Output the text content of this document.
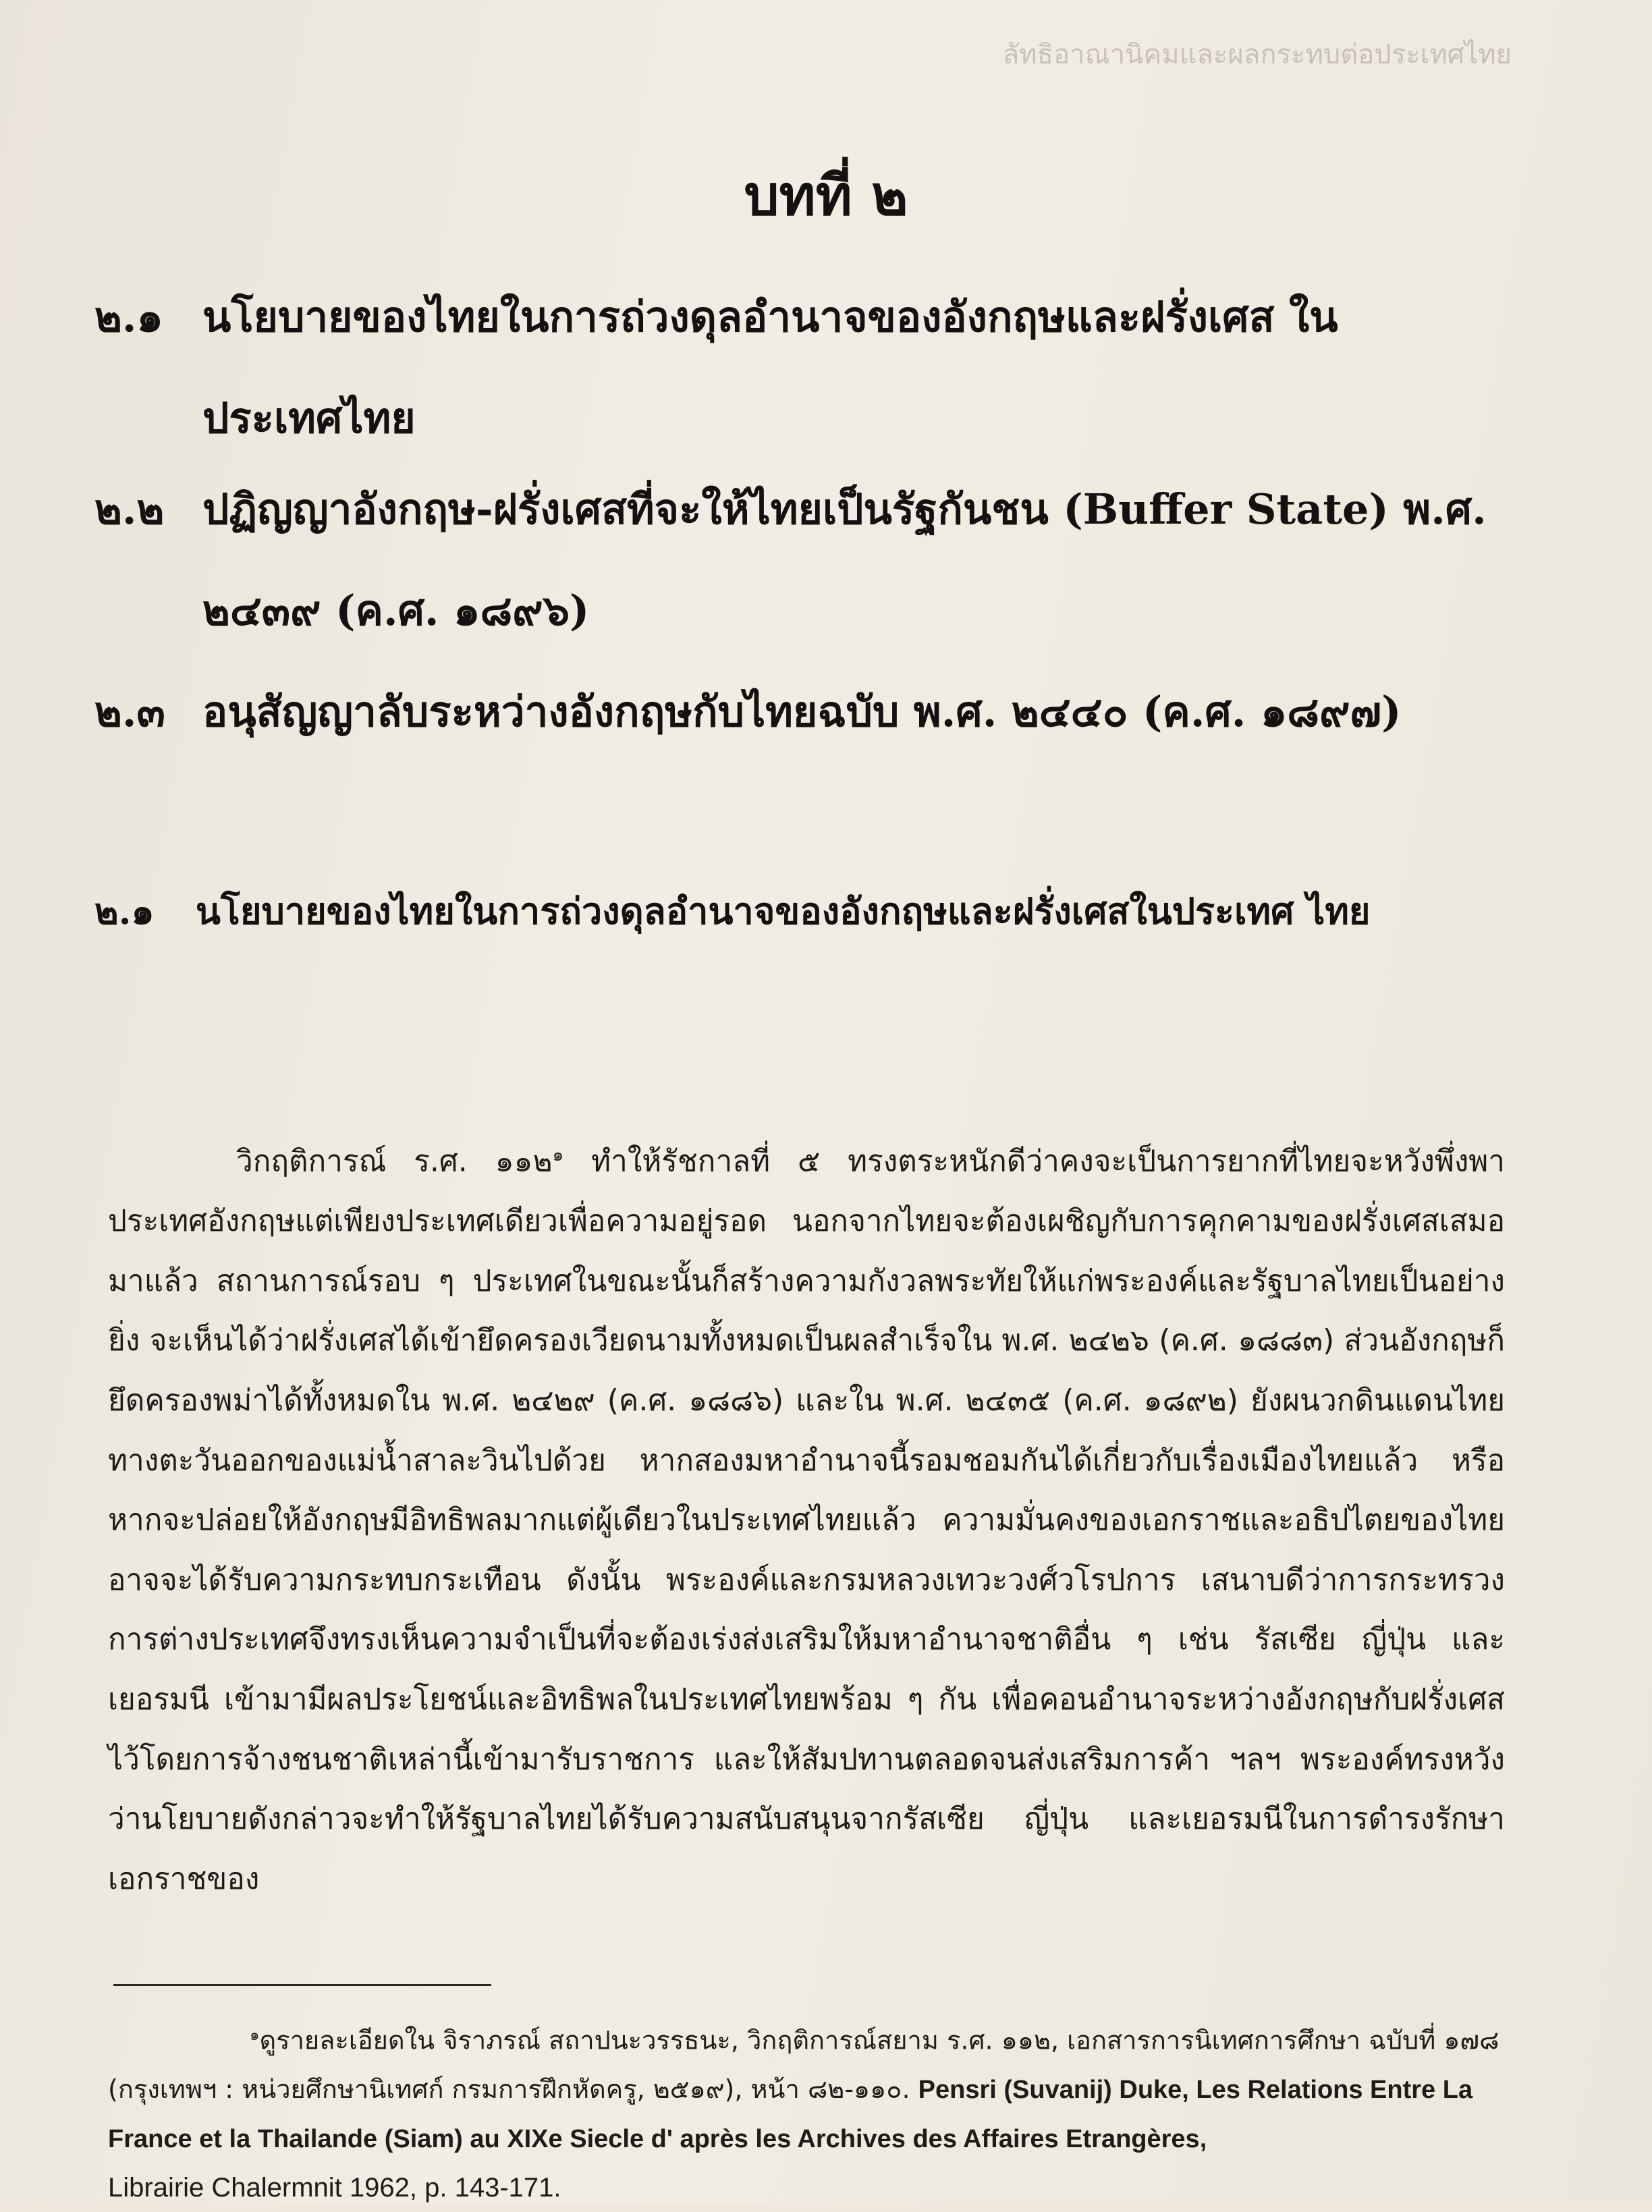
ลัทธิอาณานิคมและผลกระทบต่อประเทศไทย
บทที่ ๒
๒.๑ นโยบายของไทยในการถ่วงดุลอำนาจของอังกฤษและฝรั่งเศส ในประเทศไทย
๒.๒ ปฏิญญาอังกฤษ-ฝรั่งเศสที่จะให้ไทยเป็นรัฐกันชน (Buffer State) พ.ศ. ๒๔๓๙ (ค.ศ. ๑๘๙๖)
๒.๓ อนุสัญญาลับระหว่างอังกฤษกับไทยฉบับ พ.ศ. ๒๔๔๐ (ค.ศ. ๑๘๙๗)
๒.๑ นโยบายของไทยในการถ่วงดุลอำนาจของอังกฤษและฝรั่งเศสในประเทศ ไทย

วิกฤติการณ์ ร.ศ. ๑๑๒$^๑$ ทำให้รัชกาลที่ ๕ ทรงตระหนักดีว่าคงจะเป็นการยากที่ไทยจะหวังพึ่งพาประเทศอังกฤษแต่เพียงประเทศเดียวเพื่อความอยู่รอด นอกจากไทยจะต้องเผชิญกับการคุกคามของฝรั่งเศสเสมอมาแล้ว สถานการณ์รอบ ๆ ประเทศในขณะนั้นก็สร้างความกังวลพระทัยให้แก่พระองค์และรัฐบาลไทยเป็นอย่างยิ่ง จะเห็นได้ว่าฝรั่งเศสได้เข้ายึดครองเวียดนามทั้งหมดเป็นผลสำเร็จใน พ.ศ. ๒๔๒๖ (ค.ศ. ๑๘๘๓) ส่วนอังกฤษก็ยึดครองพม่าได้ทั้งหมดใน พ.ศ. ๒๔๒๙ (ค.ศ. ๑๘๘๖) และใน พ.ศ. ๒๔๓๕ (ค.ศ. ๑๘๙๒) ยังผนวกดินแดนไทยทางตะวันออกของแม่น้ำสาละวินไปด้วย หากสองมหาอำนาจนี้รอมชอมกันได้เกี่ยวกับเรื่องเมืองไทยแล้ว หรือหากจะปล่อยให้อังกฤษมีอิทธิพลมากแต่ผู้เดียวในประเทศไทยแล้ว ความมั่นคงของเอกราชและอธิปไตยของไทยอาจจะได้รับความกระทบกระเทือน ดังนั้น พระองค์และกรมหลวงเทวะวงศ์วโรปการ เสนาบดีว่าการกระทรวงการต่างประเทศจึงทรงเห็นความจำเป็นที่จะต้องเร่งส่งเสริมให้มหาอำนาจชาติอื่น ๆ เช่น รัสเซีย ญี่ปุ่น และเยอรมนี เข้ามามีผลประโยชน์และอิทธิพลในประเทศไทยพร้อม ๆ กัน เพื่อคอนอำนาจระหว่างอังกฤษกับฝรั่งเศสไว้โดยการจ้างชนชาติเหล่านี้เข้ามารับราชการ และให้สัมปทานตลอดจนส่งเสริมการค้า ฯลฯ พระองค์ทรงหวังว่านโยบายดังกล่าวจะทำให้รัฐบาลไทยได้รับความสนับสนุนจากรัสเซีย ญี่ปุ่น และเยอรมนีในการดำรงรักษาเอกราชของ

$^๑$ดูรายละเอียดใน จิราภรณ์ สถาปนะวรรธนะ, วิกฤติการณ์สยาม ร.ศ. ๑๑๒, เอกสารการนิเทศการศึกษา ฉบับที่ ๑๗๘ (กรุงเทพฯ : หน่วยศึกษานิเทศก์ กรมการฝึกหัดครู, ๒๕๑๙), หน้า ๘๒-๑๑๐. Pensri (Suvanij) Duke, Les Relations Entre La France et la Thailande (Siam) au XIXe Siecle d' après les Archives des Affaires Etrangères,
Librairie Chalermnit 1962, p. 143-171.
